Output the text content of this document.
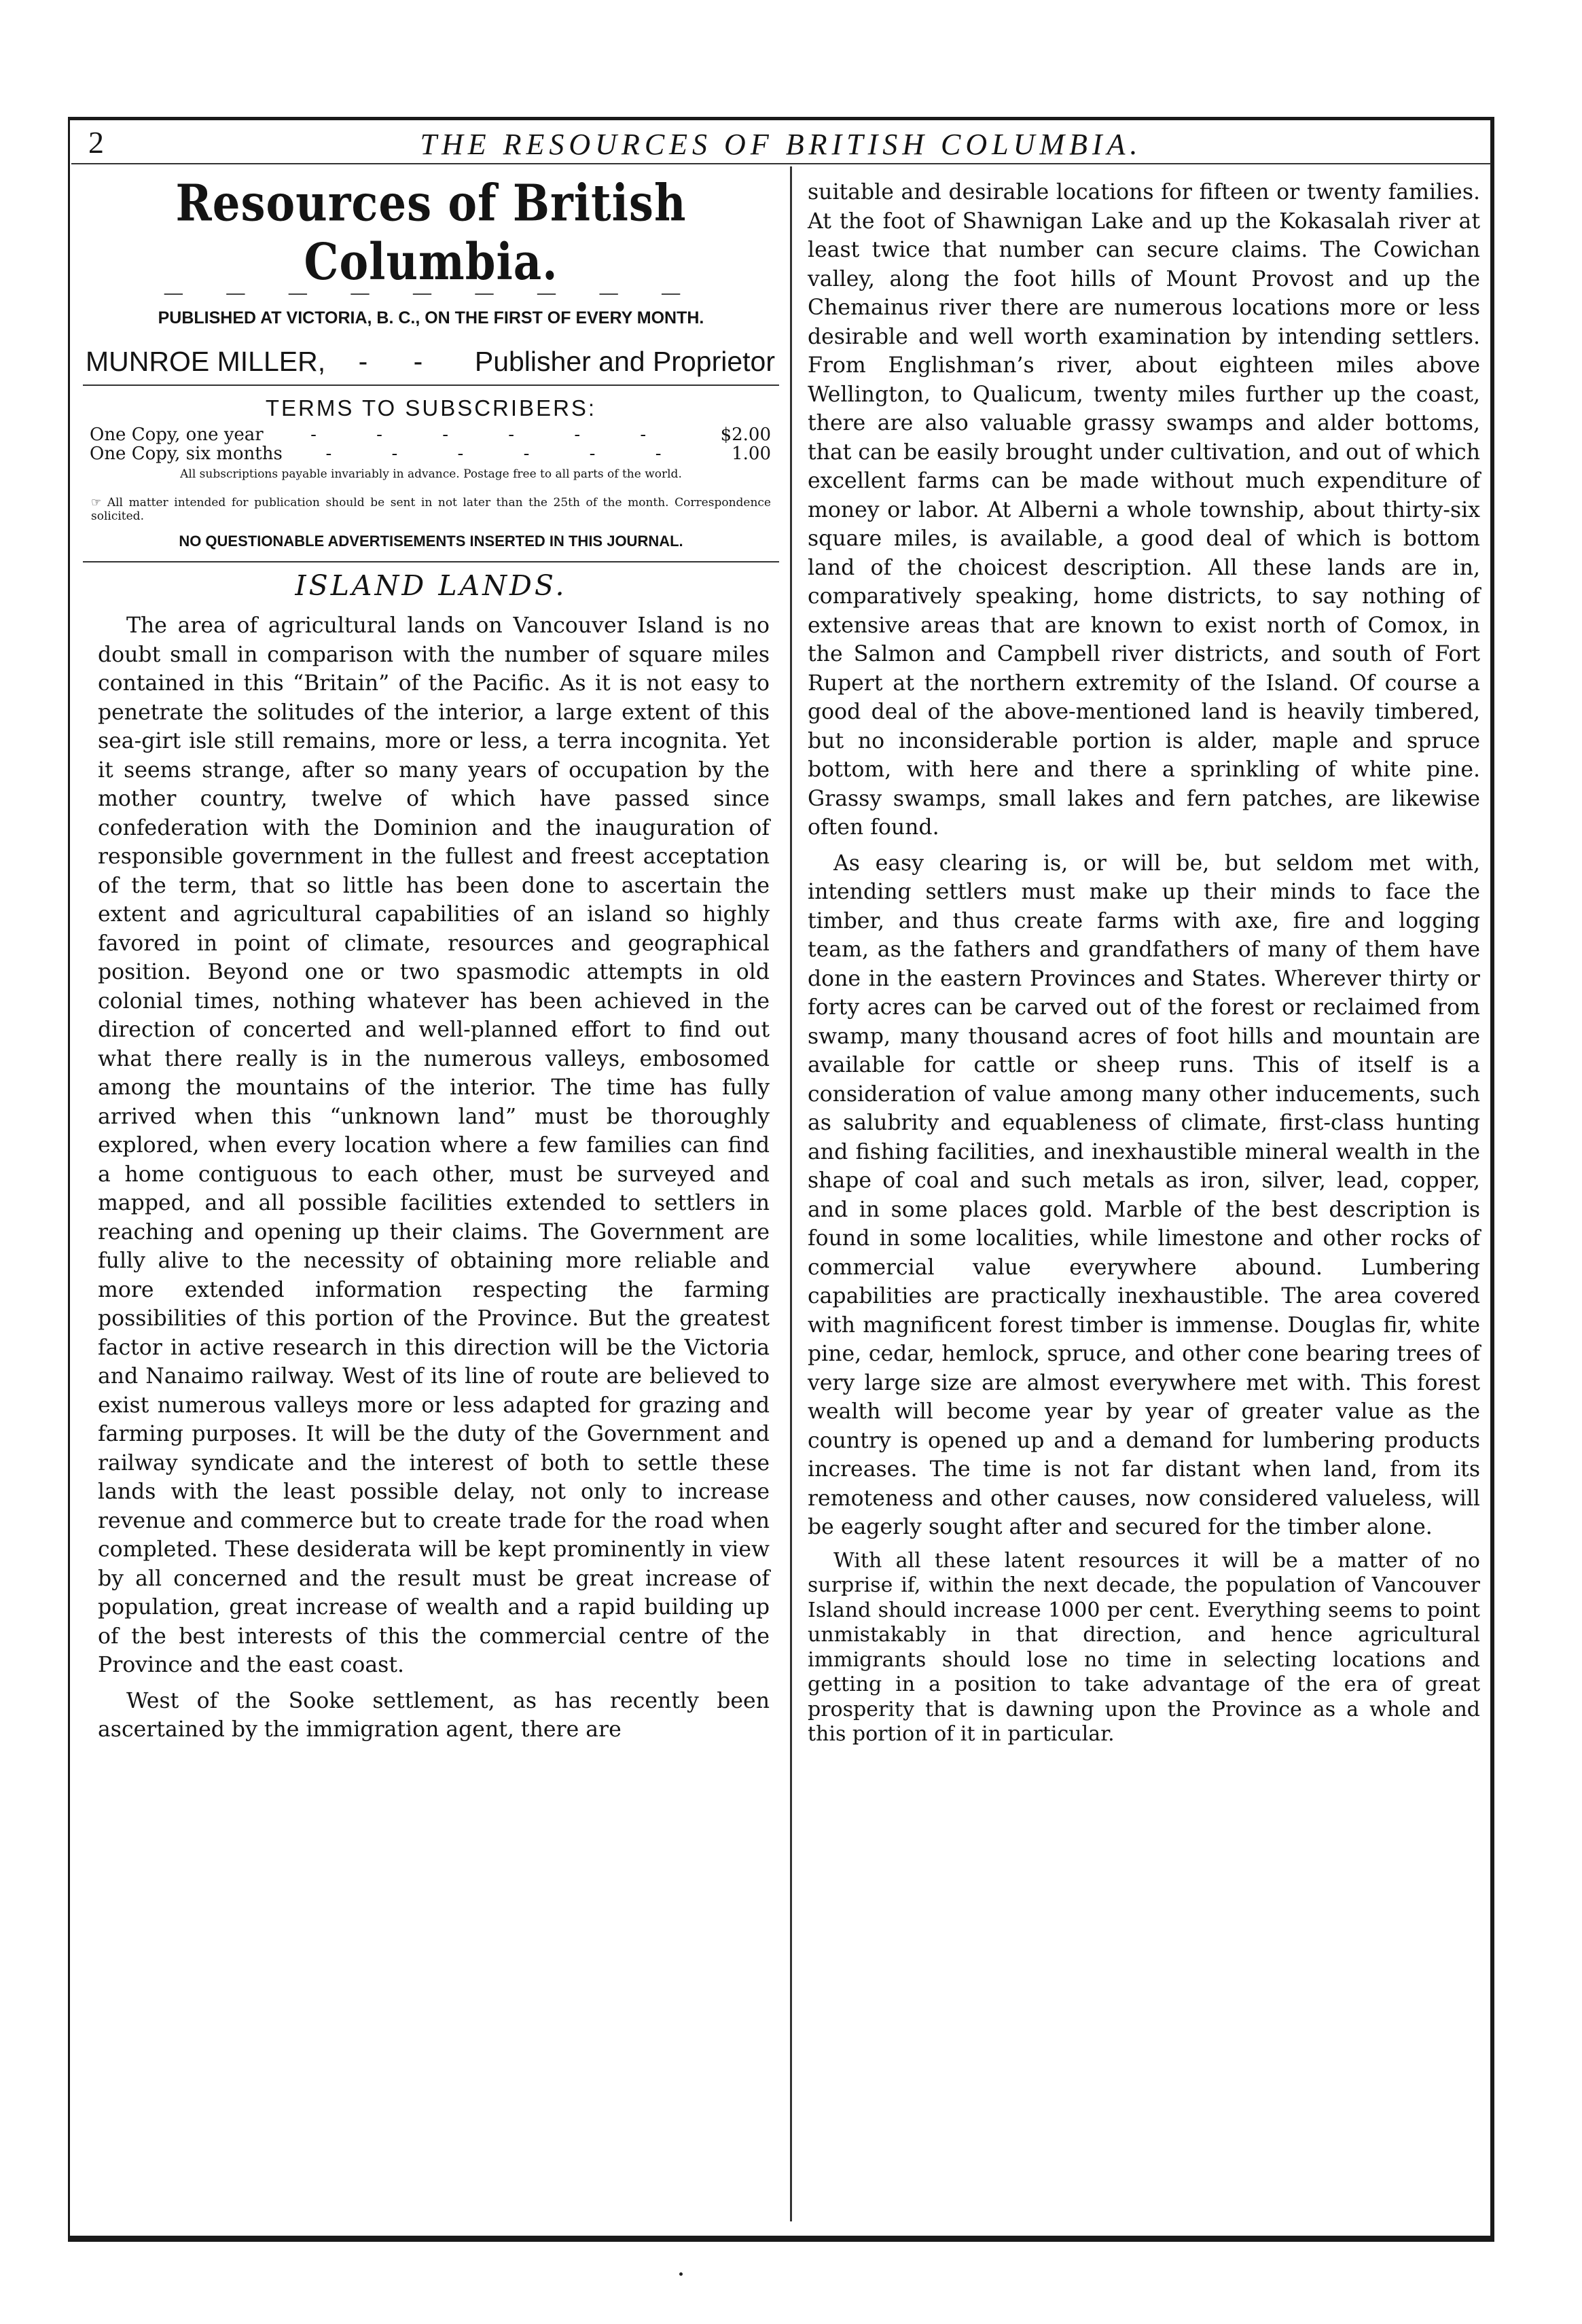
2	THE RESOURCES OF BRITISH COLUMBIA.
Resources of British Columbia.
— — — — — — — — —
PUBLISHED AT VICTORIA, B. C., ON THE FIRST OF EVERY MONTH.
MUNROE MILLER, - - Publisher and Proprietor
TERMS TO SUBSCRIBERS:
One Copy, one year	- - - - - -	$2.00
One Copy, six months	- - - - - -	1.00
All subscriptions payable invariably in advance. Postage free to all parts of the world.
☞ All matter intended for publication should be sent in not later than the 25th of the month. Correspondence solicited.
NO QUESTIONABLE ADVERTISEMENTS INSERTED IN THIS JOURNAL.
ISLAND LANDS.

The area of agricultural lands on Vancouver Island is no doubt small in comparison with the number of square miles contained in this “Britain” of the Pacific. As it is not easy to penetrate the solitudes of the interior, a large extent of this sea-girt isle still remains, more or less, a terra incognita. Yet it seems strange, after so many years of occupation by the mother country, twelve of which have passed since confederation with the Dominion and the inauguration of responsible government in the fullest and freest acceptation of the term, that so little has been done to ascertain the extent and agricultural capabilities of an island so highly favored in point of climate, resources and geographical position. Beyond one or two spasmodic attempts in old colonial times, nothing whatever has been achieved in the direction of concerted and well-planned effort to find out what there really is in the numerous valleys, embosomed among the mountains of the interior. The time has fully arrived when this “unknown land” must be thoroughly explored, when every location where a few families can find a home contiguous to each other, must be surveyed and mapped, and all possible facilities extended to settlers in reaching and opening up their claims. The Government are fully alive to the necessity of obtaining more reliable and more extended information respecting the farming possibilities of this portion of the Province. But the greatest factor in active research in this direction will be the Victoria and Nanaimo railway. West of its line of route are believed to exist numerous valleys more or less adapted for grazing and farming purposes. It will be the duty of the Government and railway syndicate and the interest of both to settle these lands with the least possible delay, not only to increase revenue and commerce but to create trade for the road when completed. These desiderata will be kept prominently in view by all concerned and the result must be great increase of population, great increase of wealth and a rapid building up of the best interests of this the commercial centre of the Province and the east coast.

West of the Sooke settlement, as has recently been ascertained by the immigration agent, there are

suitable and desirable locations for fifteen or twenty families. At the foot of Shawnigan Lake and up the Kokasalah river at least twice that number can secure claims. The Cowichan valley, along the foot hills of Mount Provost and up the Chemainus river there are numerous locations more or less desirable and well worth examination by intending settlers. From Englishman’s river, about eighteen miles above Wellington, to Qualicum, twenty miles further up the coast, there are also valuable grassy swamps and alder bottoms, that can be easily brought under cultivation, and out of which excellent farms can be made without much expenditure of money or labor. At Alberni a whole township, about thirty-six square miles, is available, a good deal of which is bottom land of the choicest description. All these lands are in, comparatively speaking, home districts, to say nothing of extensive areas that are known to exist north of Comox, in the Salmon and Campbell river districts, and south of Fort Rupert at the northern extremity of the Island. Of course a good deal of the above-mentioned land is heavily timbered, but no inconsiderable portion is alder, maple and spruce bottom, with here and there a sprinkling of white pine. Grassy swamps, small lakes and fern patches, are likewise often found.

As easy clearing is, or will be, but seldom met with, intending settlers must make up their minds to face the timber, and thus create farms with axe, fire and logging team, as the fathers and grandfathers of many of them have done in the eastern Provinces and States. Wherever thirty or forty acres can be carved out of the forest or reclaimed from swamp, many thousand acres of foot hills and mountain are available for cattle or sheep runs. This of itself is a consideration of value among many other inducements, such as salubrity and equableness of climate, first-class hunting and fishing facilities, and inexhaustible mineral wealth in the shape of coal and such metals as iron, silver, lead, copper, and in some places gold. Marble of the best description is found in some localities, while limestone and other rocks of commercial value everywhere abound. Lumbering capabilities are practically inexhaustible. The area covered with magnificent forest timber is immense. Douglas fir, white pine, cedar, hemlock, spruce, and other cone bearing trees of very large size are almost everywhere met with. This forest wealth will become year by year of greater value as the country is opened up and a demand for lumbering products increases. The time is not far distant when land, from its remoteness and other causes, now considered valueless, will be eagerly sought after and secured for the timber alone.

With all these latent resources it will be a matter of no surprise if, within the next decade, the population of Vancouver Island should increase 1000 per cent. Everything seems to point unmistakably in that direction, and hence agricultural immigrants should lose no time in selecting locations and getting in a position to take advantage of the era of great prosperity that is dawning upon the Province as a whole and this portion of it in particular.
